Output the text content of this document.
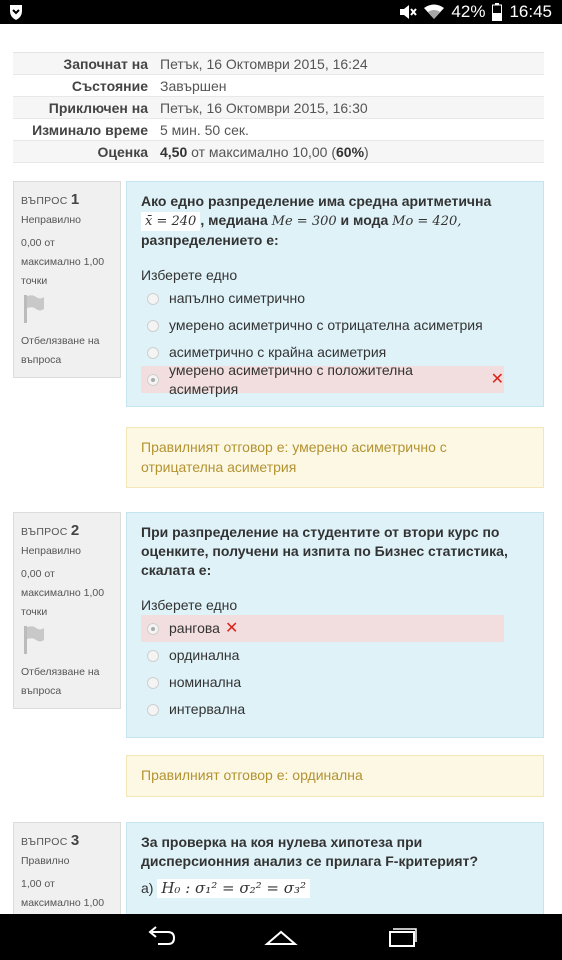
42% 16:45
Започнат на Петък, 16 Октомври 2015, 16:24
Състояние Завършен
Приключен на Петък, 16 Октомври 2015, 16:30
Изминало време 5 мин. 50 сек.
Оценка 4,50 от максимално 10,00 (60%)
ВЪПРОС 1
Неправилно
0,00 от максимално 1,00 точки
Отбелязване на въпроса
Ако едно разпределение има средна аритметична
x̄ = 240 , медиана Me = 300 и мода Mo = 420,
разпределението е:
Изберете едно
напълно симетрично
умерено асиметрично с отрицателна асиметрия
асиметрично с крайна асиметрия
умерено асиметрично с положителна асиметрия
✕
Правилният отговор е: умерено асиметрично с отрицателна асиметрия
ВЪПРОС 2
Неправилно
0,00 от максимално 1,00 точки
Отбелязване на въпроса
При разпределение на студентите от втори курс по оценките, получени на изпита по Бизнес статистика, скалата е:
Изберете едно
рангова ✕
ординална
номинална
интервална
Правилният отговор е: ординална
ВЪПРОС 3
Правилно
1,00 от максимално 1,00
За проверка на коя нулева хипотеза при дисперсионния анализ се прилага F-критерият?
а) H₀ : σ₁² = σ₂² = σ₃²
